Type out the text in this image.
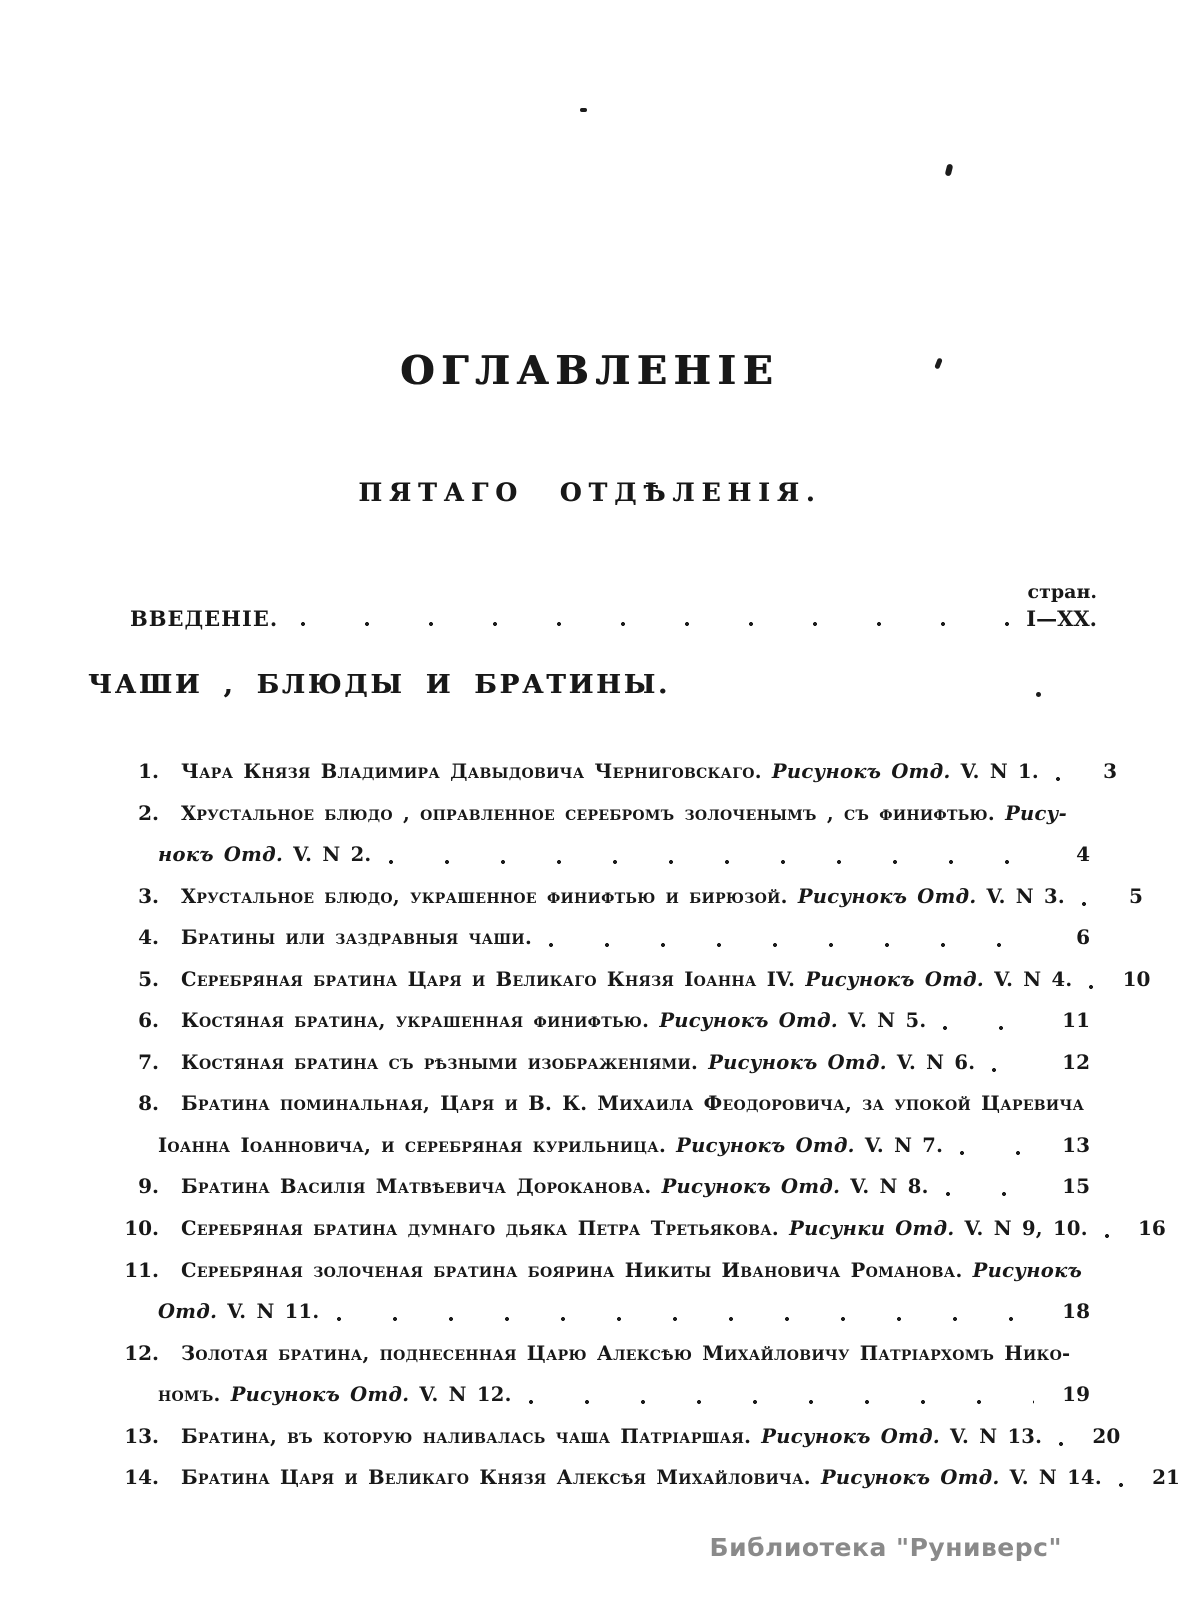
ОГЛАВЛЕНІЕ
ПЯТАГО ОТДѢЛЕНІЯ.
стран.
ВВЕДЕНІЕ.	I—XX.
ЧАШИ , БЛЮДЫ И БРАТИНЫ.
1. Чара Князя Владимира Давыдовича Черниговскаго. Рисунокъ Отд. V. N 1.	3
2. Хрустальное блюдо , оправленное серебромъ золоченымъ , съ финифтью. Рису-
нокъ Отд. V. N 2.	4
3. Хрустальное блюдо, украшенное финифтью и бирюзой. Рисунокъ Отд. V. N 3.	5
4. Братины или заздравныя чаши.	6
5. Серебряная братина Царя и Великаго Князя Іоанна IV. Рисунокъ Отд. V. N 4.	10
6. Костяная братина, украшенная финифтью. Рисунокъ Отд. V. N 5.	11
7. Костяная братина съ рѣзными изображеніями. Рисунокъ Отд. V. N 6.	12
8. Братина поминальная, Царя и В. К. Михаила Феодоровича, за упокой Царевича
Іоанна Іоанновича, и серебряная курильница. Рисунокъ Отд. V. N 7.	13
9. Братина Василія Матвѣевича Дороканова. Рисунокъ Отд. V. N 8.	15
10. Серебряная братина думнаго дьяка Петра Третьякова. Рисунки Отд. V. N 9, 10.	16
11. Серебряная золоченая братина боярина Никиты Ивановича Романова. Рисунокъ
Отд. V. N 11.	18
12. Золотая братина, поднесенная Царю Алексѣю Михайловичу Патріархомъ Нико-
номъ. Рисунокъ Отд. V. N 12.	19
13. Братина, въ которую наливалась чаша Патріаршая. Рисунокъ Отд. V. N 13.	20
14. Братина Царя и Великаго Князя Алексѣя Михайловича. Рисунокъ Отд. V. N 14.	21
Библиотека "Руниверс"
